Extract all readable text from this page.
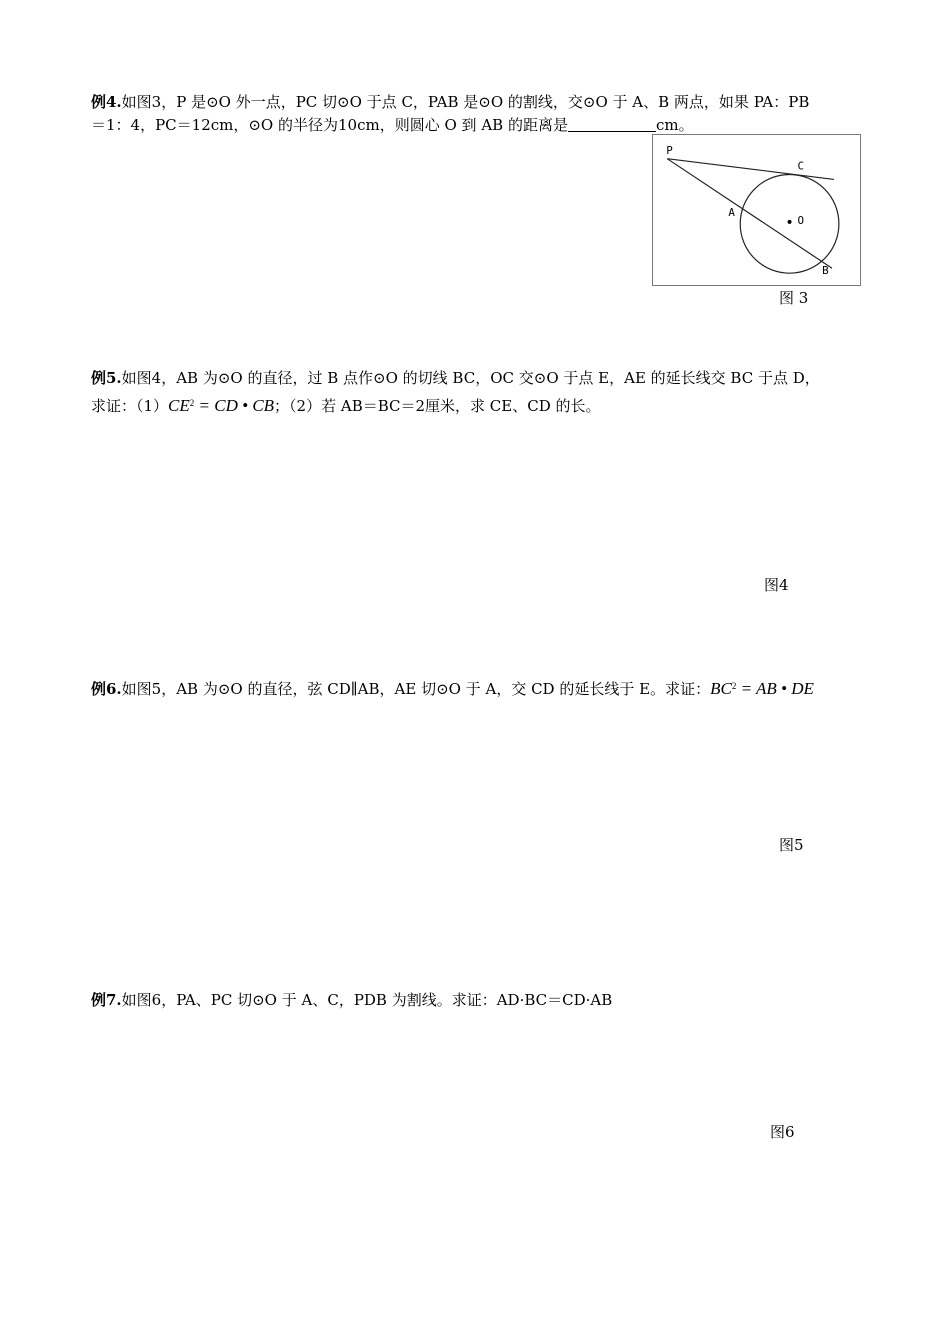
例4.如图3，P 是⊙O 外一点，PC 切⊙O 于点 C，PAB 是⊙O 的割线，交⊙O 于 A、B 两点，如果 PA：PB
＝1：4，PC＝12cm，⊙O 的半径为10cm，则圆心 O 到 AB 的距离是	cm。
P
C
A
O
B
图 3
例5.如图4，AB 为⊙O 的直径，过 B 点作⊙O 的切线 BC，OC 交⊙O 于点 E，AE 的延长线交 BC 于点 D，
求证：$(1)CE^2$ = CD • CB；（2）若 AB＝BC＝2厘米，求 CE、CD 的长。
图4
例6.如图5，AB 为⊙O 的直径，弦 CD∥AB，AE 切⊙O 于 A，交 CD 的延长线于 E。求证：$BC^2$ = AB • DE
图5
例7.如图6，PA、PC 切⊙O 于 A、C，PDB 为割线。求证：AD·BC＝CD·AB
图6
